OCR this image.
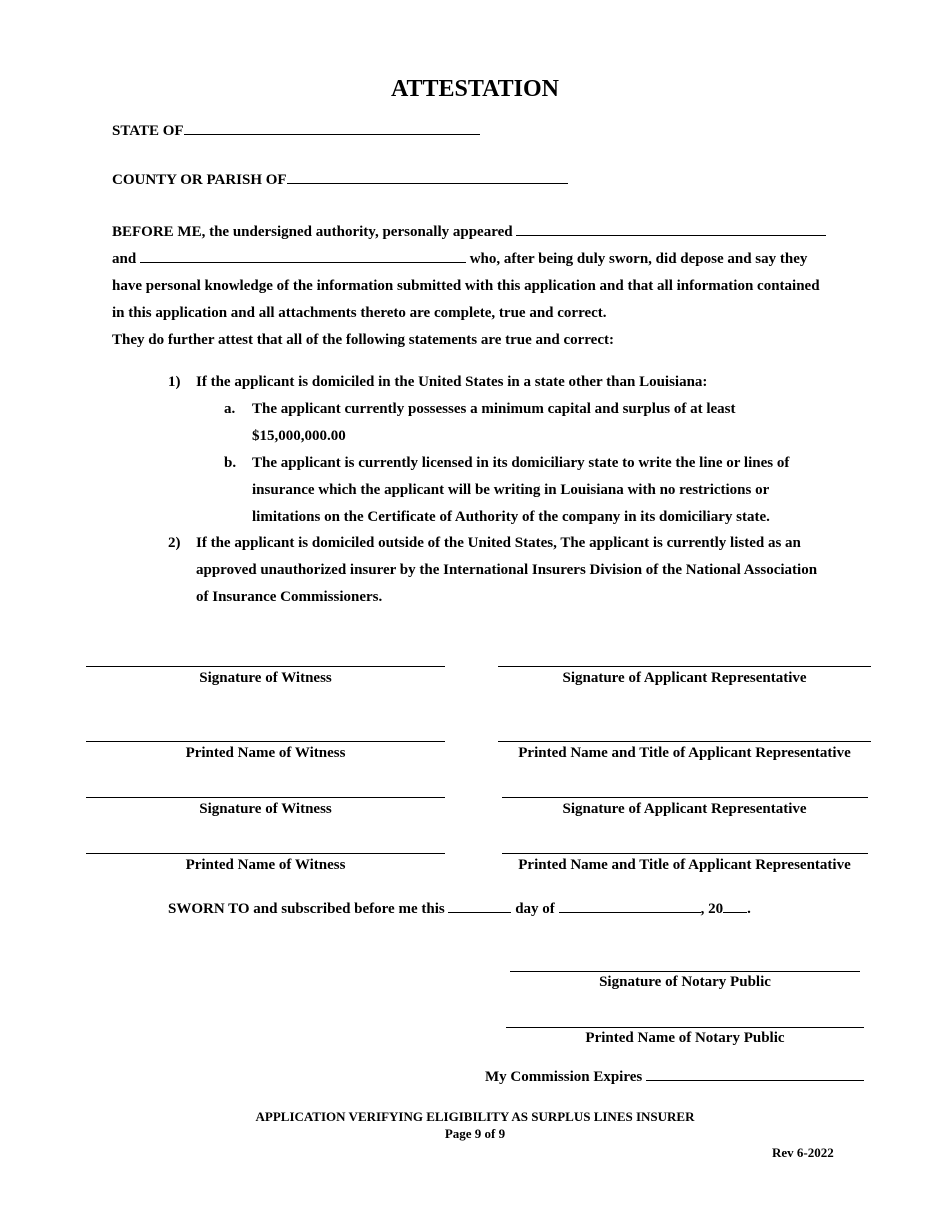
ATTESTATION
STATE OF
COUNTY OR PARISH OF
BEFORE ME, the undersigned authority, personally appeared
and	who, after being duly sworn, did depose and say they
have personal knowledge of the information submitted with this application and that all information contained
in this application and all attachments thereto are complete, true and correct.
They do further attest that all of the following statements are true and correct:
1) If the applicant is domiciled in the United States in a state other than Louisiana:
a. The applicant currently possesses a minimum capital and surplus of at least
$15,000,000.00
b. The applicant is currently licensed in its domiciliary state to write the line or lines of
insurance which the applicant will be writing in Louisiana with no restrictions or
limitations on the Certificate of Authority of the company in its domiciliary state.
2) If the applicant is domiciled outside of the United States, The applicant is currently listed as an
approved unauthorized insurer by the International Insurers Division of the National Association
of Insurance Commissioners.
Signature of Witness	Signature of Applicant Representative
Printed Name of Witness	Printed Name and Title of Applicant Representative
Signature of Witness	Signature of Applicant Representative
Printed Name of Witness	Printed Name and Title of Applicant Representative
SWORN TO and subscribed before me this	day of	, 20 .
Signature of Notary Public
Printed Name of Notary Public
My Commission Expires
APPLICATION VERIFYING ELIGIBILITY AS SURPLUS LINES INSURER
Page 9 of 9
Rev 6-2022
